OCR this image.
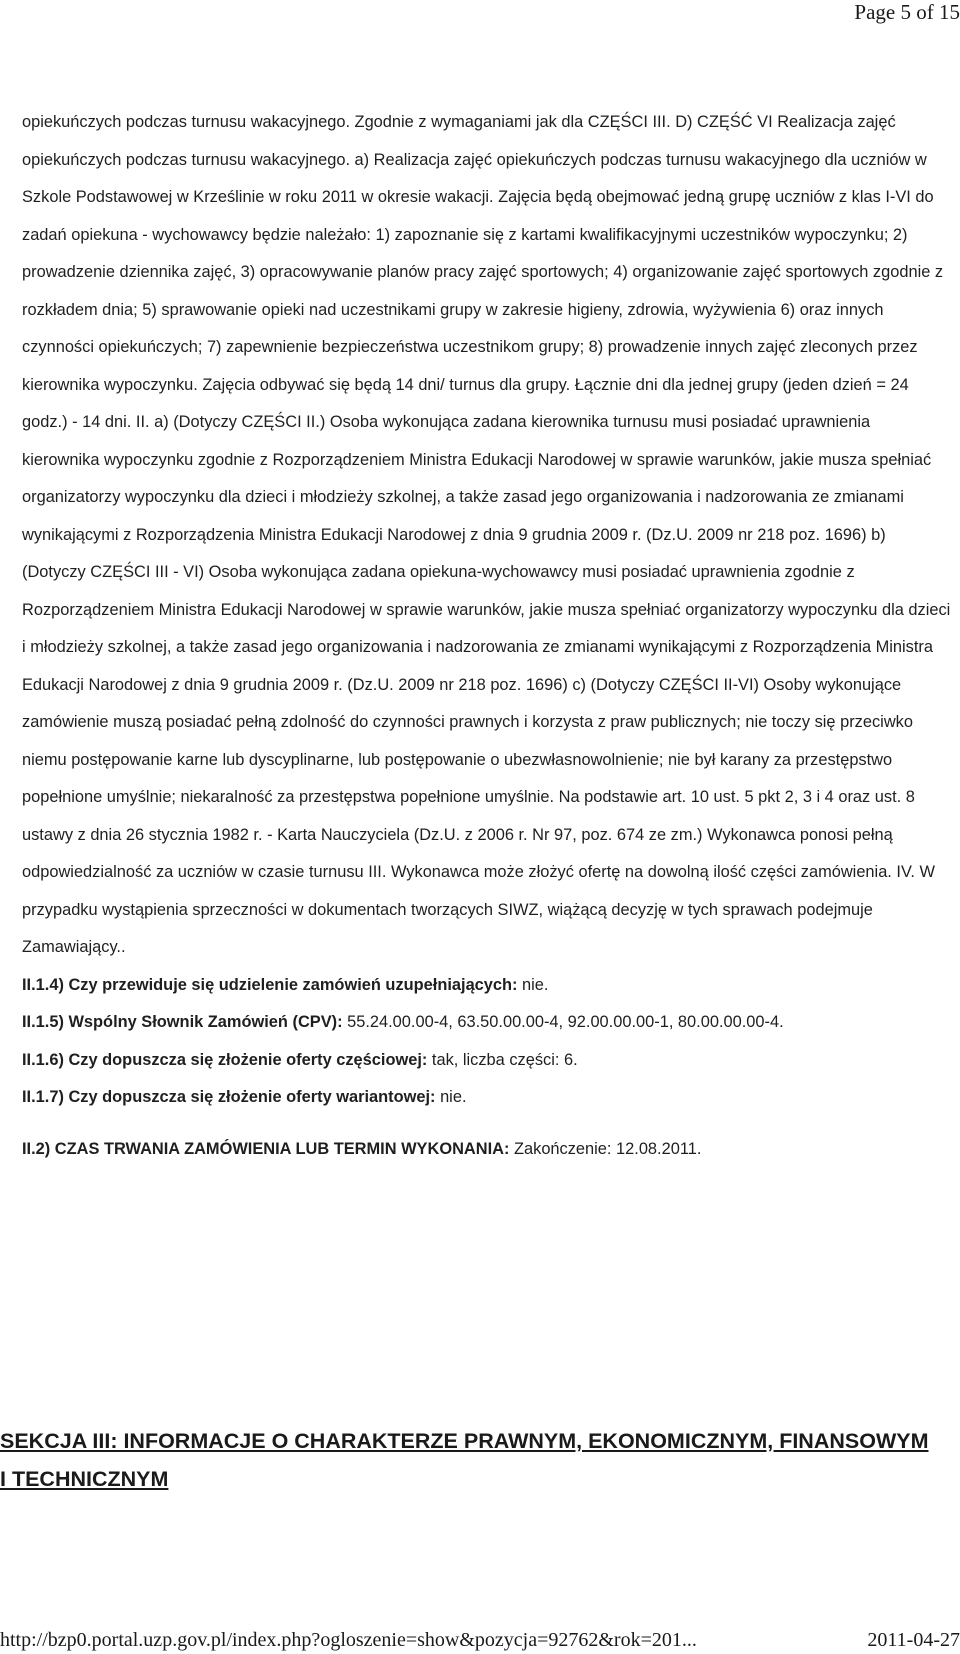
Page 5 of 15

opiekuńczych podczas turnusu wakacyjnego. Zgodnie z wymaganiami jak dla CZĘŚCI III. D) CZĘŚĆ VI Realizacja zajęć opiekuńczych podczas turnusu wakacyjnego. a) Realizacja zajęć opiekuńczych podczas turnusu wakacyjnego dla uczniów w Szkole Podstawowej w Krześlinie w roku 2011 w okresie wakacji. Zajęcia będą obejmować jedną grupę uczniów z klas I-VI do zadań opiekuna - wychowawcy będzie należało: 1) zapoznanie się z kartami kwalifikacyjnymi uczestników wypoczynku; 2) prowadzenie dziennika zajęć, 3) opracowywanie planów pracy zajęć sportowych; 4) organizowanie zajęć sportowych zgodnie z rozkładem dnia; 5) sprawowanie opieki nad uczestnikami grupy w zakresie higieny, zdrowia, wyżywienia 6) oraz innych czynności opiekuńczych; 7) zapewnienie bezpieczeństwa uczestnikom grupy; 8) prowadzenie innych zajęć zleconych przez kierownika wypoczynku. Zajęcia odbywać się będą 14 dni/ turnus dla grupy. Łącznie dni dla jednej grupy (jeden dzień = 24 godz.) - 14 dni. II. a) (Dotyczy CZĘŚCI II.) Osoba wykonująca zadana kierownika turnusu musi posiadać uprawnienia kierownika wypoczynku zgodnie z Rozporządzeniem Ministra Edukacji Narodowej w sprawie warunków, jakie musza spełniać organizatorzy wypoczynku dla dzieci i młodzieży szkolnej, a także zasad jego organizowania i nadzorowania ze zmianami wynikającymi z Rozporządzenia Ministra Edukacji Narodowej z dnia 9 grudnia 2009 r. (Dz.U. 2009 nr 218 poz. 1696) b) (Dotyczy CZĘŚCI III - VI) Osoba wykonująca zadana opiekuna-wychowawcy musi posiadać uprawnienia zgodnie z Rozporządzeniem Ministra Edukacji Narodowej w sprawie warunków, jakie musza spełniać organizatorzy wypoczynku dla dzieci i młodzieży szkolnej, a także zasad jego organizowania i nadzorowania ze zmianami wynikającymi z Rozporządzenia Ministra Edukacji Narodowej z dnia 9 grudnia 2009 r. (Dz.U. 2009 nr 218 poz. 1696) c) (Dotyczy CZĘŚCI II-VI) Osoby wykonujące zamówienie muszą posiadać pełną zdolność do czynności prawnych i korzysta z praw publicznych; nie toczy się przeciwko niemu postępowanie karne lub dyscyplinarne, lub postępowanie o ubezwłasnowolnienie; nie był karany za przestępstwo popełnione umyślnie; niekaralność za przestępstwa popełnione umyślnie. Na podstawie art. 10 ust. 5 pkt 2, 3 i 4 oraz ust. 8 ustawy z dnia 26 stycznia 1982 r. - Karta Nauczyciela (Dz.U. z 2006 r. Nr 97, poz. 674 ze zm.) Wykonawca ponosi pełną odpowiedzialność za uczniów w czasie turnusu III. Wykonawca może złożyć ofertę na dowolną ilość części zamówienia. IV. W przypadku wystąpienia sprzeczności w dokumentach tworzących SIWZ, wiążącą decyzję w tych sprawach podejmuje Zamawiający..

II.1.4) Czy przewiduje się udzielenie zamówień uzupełniających: nie.

II.1.5) Wspólny Słownik Zamówień (CPV): 55.24.00.00-4, 63.50.00.00-4, 92.00.00.00-1, 80.00.00.00-4.

II.1.6) Czy dopuszcza się złożenie oferty częściowej: tak, liczba części: 6.

II.1.7) Czy dopuszcza się złożenie oferty wariantowej: nie.

II.2) CZAS TRWANIA ZAMÓWIENIA LUB TERMIN WYKONANIA: Zakończenie: 12.08.2011.

SEKCJA III: INFORMACJE O CHARAKTERZE PRAWNYM, EKONOMICZNYM, FINANSOWYM I TECHNICZNYM
http://bzp0.portal.uzp.gov.pl/index.php?ogloszenie=show&pozycja=92762&rok=201...	2011-04-27
